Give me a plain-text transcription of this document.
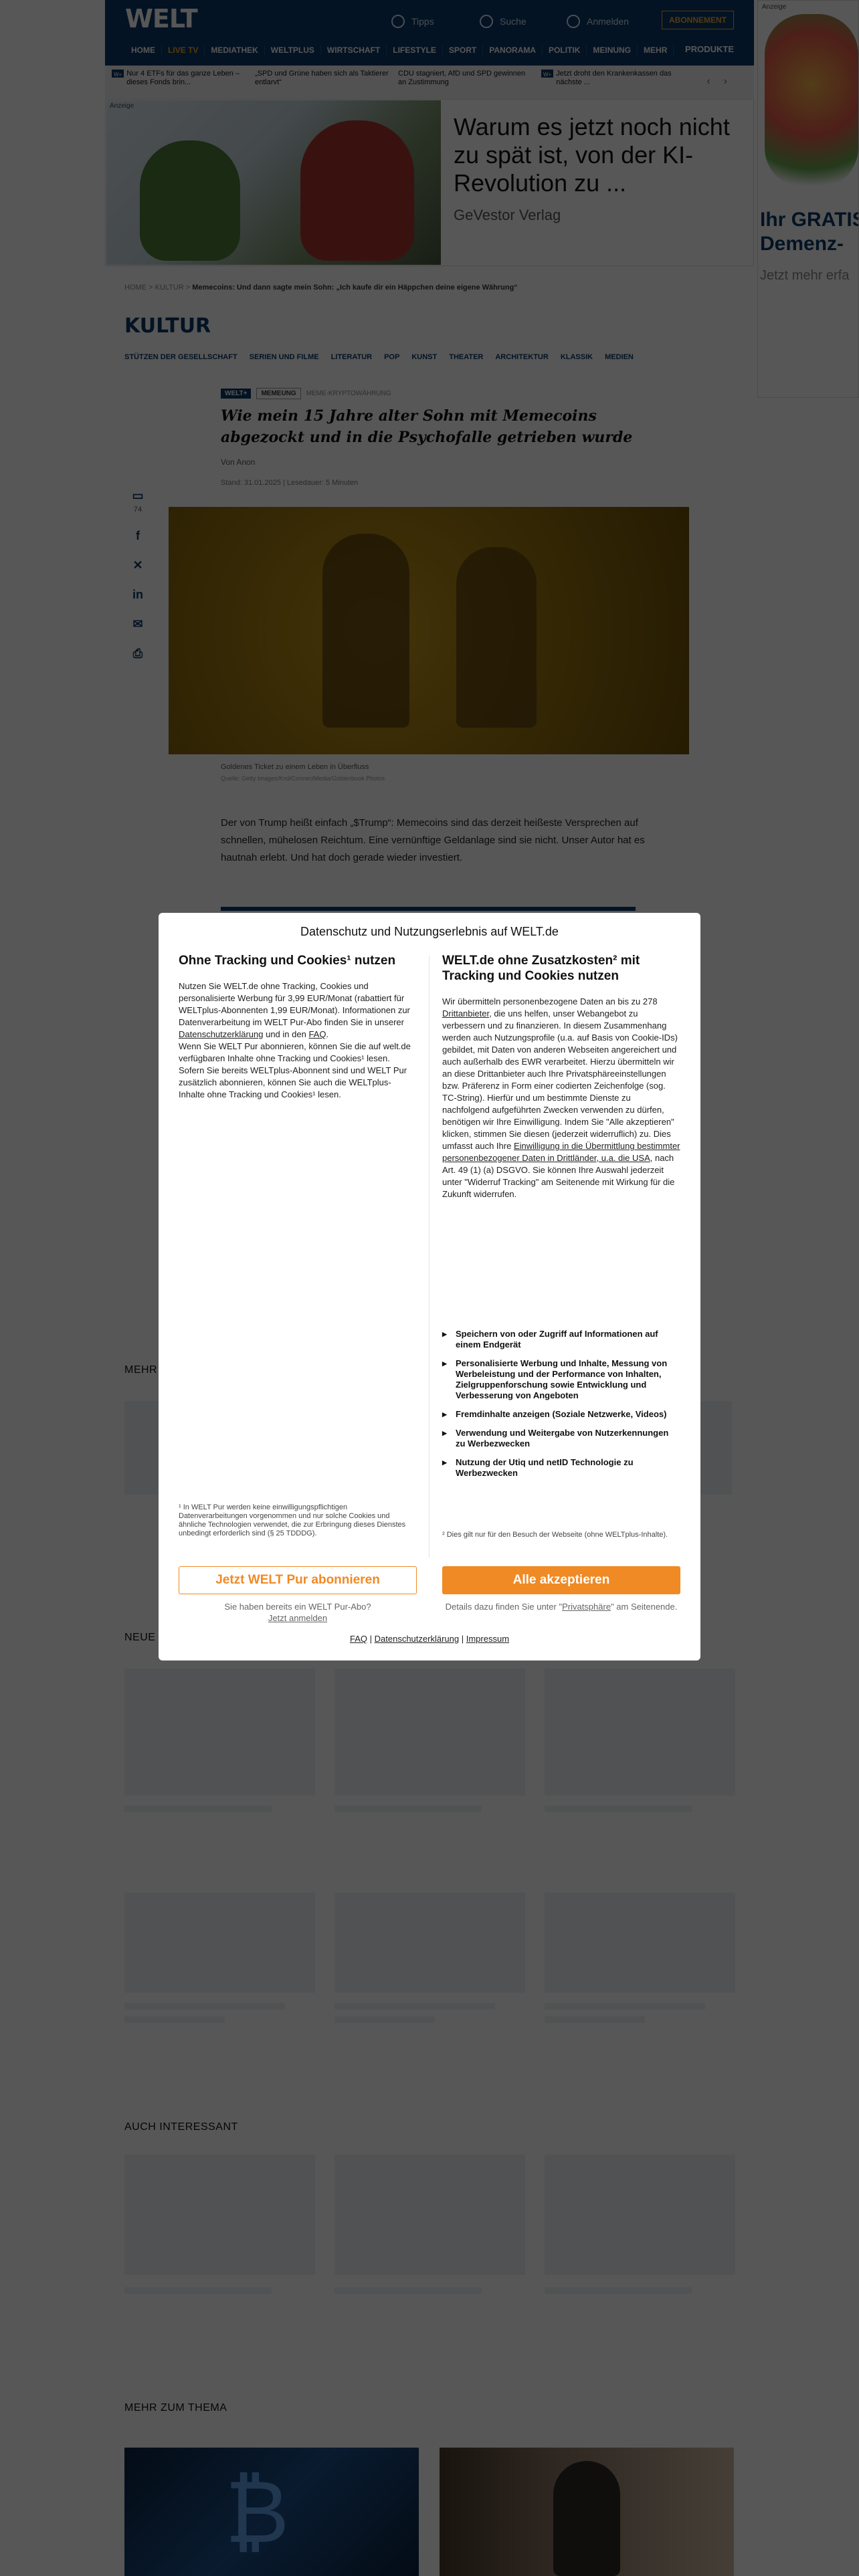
Datenschutz und Nutzungserlebnis auf WELT.de
Ohne Tracking und Cookies¹ nutzen
Nutzen Sie WELT.de ohne Tracking, Cookies und personalisierte Werbung für 3,99 EUR/Monat (rabattiert für WELTplus-Abonnenten 1,99 EUR/Monat). Informationen zur Datenverarbeitung im WELT Pur-Abo finden Sie in unserer Datenschutzerklärung und in den FAQ.
Wenn Sie WELT Pur abonnieren, können Sie die auf welt.de verfügbaren Inhalte ohne Tracking und Cookies¹ lesen. Sofern Sie bereits WELTplus-Abonnent sind und WELT Pur zusätzlich abonnieren, können Sie auch die WELTplus-Inhalte ohne Tracking und Cookies¹ lesen.
¹ In WELT Pur werden keine einwilligungspflichtigen Datenverarbeitungen vorgenommen und nur solche Cookies und ähnliche Technologien verwendet, die zur Erbringung dieses Dienstes unbedingt erforderlich sind (§ 25 TDDDG).
Jetzt WELT Pur abonnieren
Sie haben bereits ein WELT Pur-Abo?
Jetzt anmelden
WELT.de ohne Zusatzkosten² mit Tracking und Cookies nutzen
Wir übermitteln personenbezogene Daten an bis zu 278 Drittanbieter, die uns helfen, unser Webangebot zu verbessern und zu finanzieren. In diesem Zusammenhang werden auch Nutzungsprofile (u.a. auf Basis von Cookie-IDs) gebildet, mit Daten von anderen Webseiten angereichert und auch außerhalb des EWR verarbeitet. Hierzu übermitteln wir an diese Drittanbieter auch Ihre Privatsphäreeinstellungen bzw. Präferenz in Form einer codierten Zeichenfolge (sog. TC-String). Hierfür und um bestimmte Dienste zu nachfolgend aufgeführten Zwecken verwenden zu dürfen, benötigen wir Ihre Einwilligung. Indem Sie "Alle akzeptieren" klicken, stimmen Sie diesen (jederzeit widerruflich) zu. Dies umfasst auch Ihre Einwilligung in die Übermittlung bestimmter personenbezogener Daten in Drittländer, u.a. die USA, nach Art. 49 (1) (a) DSGVO. Sie können Ihre Auswahl jederzeit unter "Widerruf Tracking" am Seitenende mit Wirkung für die Zukunft widerrufen.
▶ Speichern von oder Zugriff auf Informationen auf einem Endgerät
▶ Personalisierte Werbung und Inhalte, Messung von Werbeleistung und der Performance von Inhalten, Zielgruppenforschung sowie Entwicklung und Verbesserung von Angeboten
▶ Fremdinhalte anzeigen (Soziale Netzwerke, Videos)
▶ Verwendung und Weitergabe von Nutzerkennungen zu Werbezwecken
▶ Nutzung der Utiq und netID Technologie zu Werbezwecken
² Dies gilt nur für den Besuch der Webseite (ohne WELTplus-Inhalte).
Alle akzeptieren
Details dazu finden Sie unter "Privatsphäre" am Seitenende.
FAQ | Datenschutzerklärung | Impressum
